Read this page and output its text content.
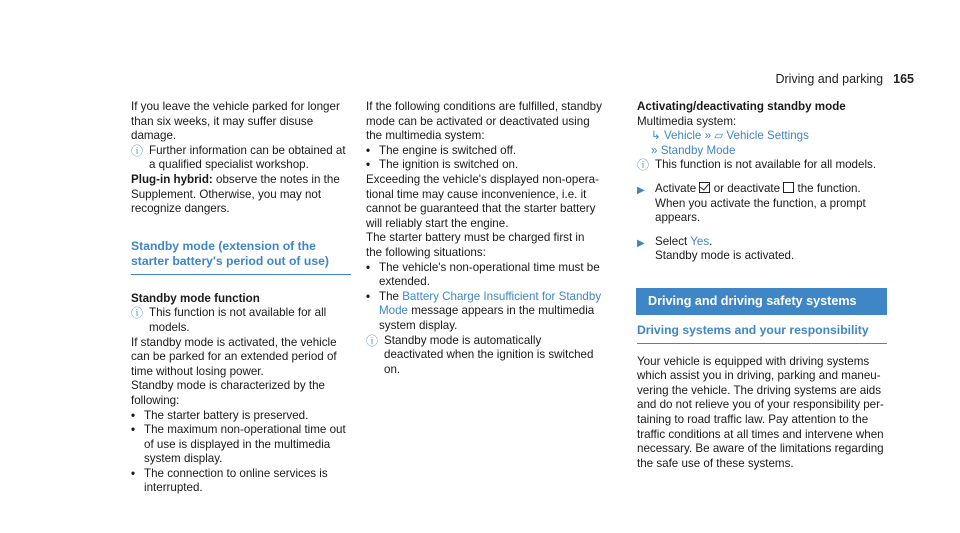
Driving and parking 165

If you leave the vehicle parked for longer than six weeks, it may suffer disuse damage.

ⓘ Further information can be obtained at a qualified specialist workshop.

Plug-in hybrid: observe the notes in the Supplement. Otherwise, you may not recognize dangers.

Standby mode (extension of the starter battery's period out of use)

Standby mode function

ⓘ This function is not available for all models.

If standby mode is activated, the vehicle can be parked for an extended period of time without losing power.

Standby mode is characterized by the following:

• The starter battery is preserved.
• The maximum non-operational time out of use is displayed in the multimedia system display.
• The connection to online services is interrupted.

If the following conditions are fulfilled, standby mode can be activated or deactivated using the multimedia system:

• The engine is switched off.
• The ignition is switched on.

Exceeding the vehicle's displayed non-operational time may cause inconvenience, i.e. it cannot be guaranteed that the starter battery will reliably start the engine.

The starter battery must be charged first in the following situations:

• The vehicle's non-operational time must be extended.
• The Battery Charge Insufficient for Standby Mode message appears in the multimedia system display.
ⓘ Standby mode is automatically deactivated when the ignition is switched on.

Activating/deactivating standby mode

Multimedia system:

↳ Vehicle » ▱ Vehicle Settings

» Standby Mode

ⓘ This function is not available for all models.
▶ Activate  or deactivate  the function.
When you activate the function, a prompt appears.
▶ Select Yes.
Standby mode is activated.
Driving and driving safety systems
Driving systems and your responsibility

Your vehicle is equipped with driving systems which assist you in driving, parking and maneuvering the vehicle. The driving systems are aids and do not relieve you of your responsibility pertaining to road traffic law. Pay attention to the traffic conditions at all times and intervene when necessary. Be aware of the limitations regarding the safe use of these systems.
